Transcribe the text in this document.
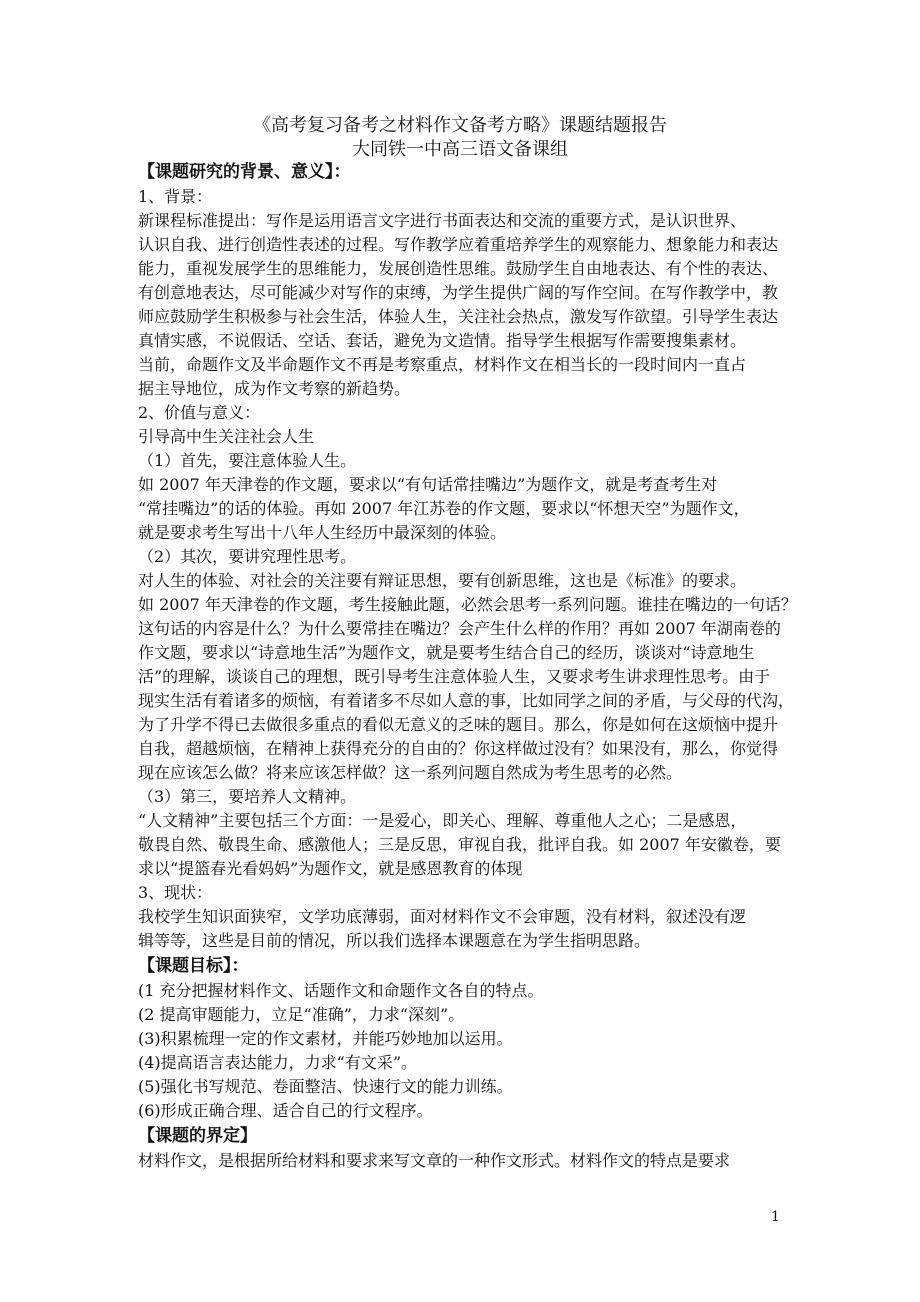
《高考复习备考之材料作文备考方略》课题结题报告
大同铁一中高三语文备课组
【课题研究的背景、意义】：
1、背景：
新课程标准提出：写作是运用语言文字进行书面表达和交流的重要方式，是认识世界、
认识自我、进行创造性表述的过程。写作教学应着重培养学生的观察能力、想象能力和表达
能力，重视发展学生的思维能力，发展创造性思维。鼓励学生自由地表达、有个性的表达、
有创意地表达，尽可能减少对写作的束缚，为学生提供广阔的写作空间。在写作教学中，教
师应鼓励学生积极参与社会生活，体验人生，关注社会热点，激发写作欲望。引导学生表达
真情实感，不说假话、空话、套话，避免为文造情。指导学生根据写作需要搜集素材。
当前，命题作文及半命题作文不再是考察重点，材料作文在相当长的一段时间内一直占
据主导地位，成为作文考察的新趋势。
2、价值与意义：
引导高中生关注社会人生
（1）首先，要注意体验人生。
如 2007 年天津卷的作文题，要求以“有句话常挂嘴边”为题作文，就是考查考生对
“常挂嘴边”的话的体验。再如 2007 年江苏卷的作文题，要求以“怀想天空”为题作文，
就是要求考生写出十八年人生经历中最深刻的体验。
（2）其次，要讲究理性思考。
对人生的体验、对社会的关注要有辩证思想，要有创新思维，这也是《标准》的要求。
如 2007 年天津卷的作文题，考生接触此题，必然会思考一系列问题。谁挂在嘴边的一句话？
这句话的内容是什么？为什么要常挂在嘴边？会产生什么样的作用？再如 2007 年湖南卷的
作文题，要求以“诗意地生活”为题作文，就是要考生结合自己的经历，谈谈对“诗意地生
活”的理解，谈谈自己的理想，既引导考生注意体验人生，又要求考生讲求理性思考。由于
现实生活有着诸多的烦恼，有着诸多不尽如人意的事，比如同学之间的矛盾，与父母的代沟，
为了升学不得已去做很多重点的看似无意义的乏味的题目。那么，你是如何在这烦恼中提升
自我，超越烦恼，在精神上获得充分的自由的？你这样做过没有？如果没有，那么，你觉得
现在应该怎么做？将来应该怎样做？这一系列问题自然成为考生思考的必然。
（3）第三，要培养人文精神。
“人文精神”主要包括三个方面：一是爱心，即关心、理解、尊重他人之心；二是感恩，
敬畏自然、敬畏生命、感激他人；三是反思，审视自我，批评自我。如 2007 年安徽卷，要
求以“提篮春光看妈妈”为题作文，就是感恩教育的体现
3、现状：
我校学生知识面狭窄，文学功底薄弱，面对材料作文不会审题，没有材料，叙述没有逻
辑等等，这些是目前的情况，所以我们选择本课题意在为学生指明思路。
【课题目标】：
(1 充分把握材料作文、话题作文和命题作文各自的特点。
(2 提高审题能力，立足“准确”，力求“深刻”。
(3)积累梳理一定的作文素材，并能巧妙地加以运用。
(4)提高语言表达能力，力求“有文采”。
(5)强化书写规范、卷面整洁、快速行文的能力训练。
(6)形成正确合理、适合自己的行文程序。
【课题的界定】
材料作文，是根据所给材料和要求来写文章的一种作文形式。材料作文的特点是要求
1
